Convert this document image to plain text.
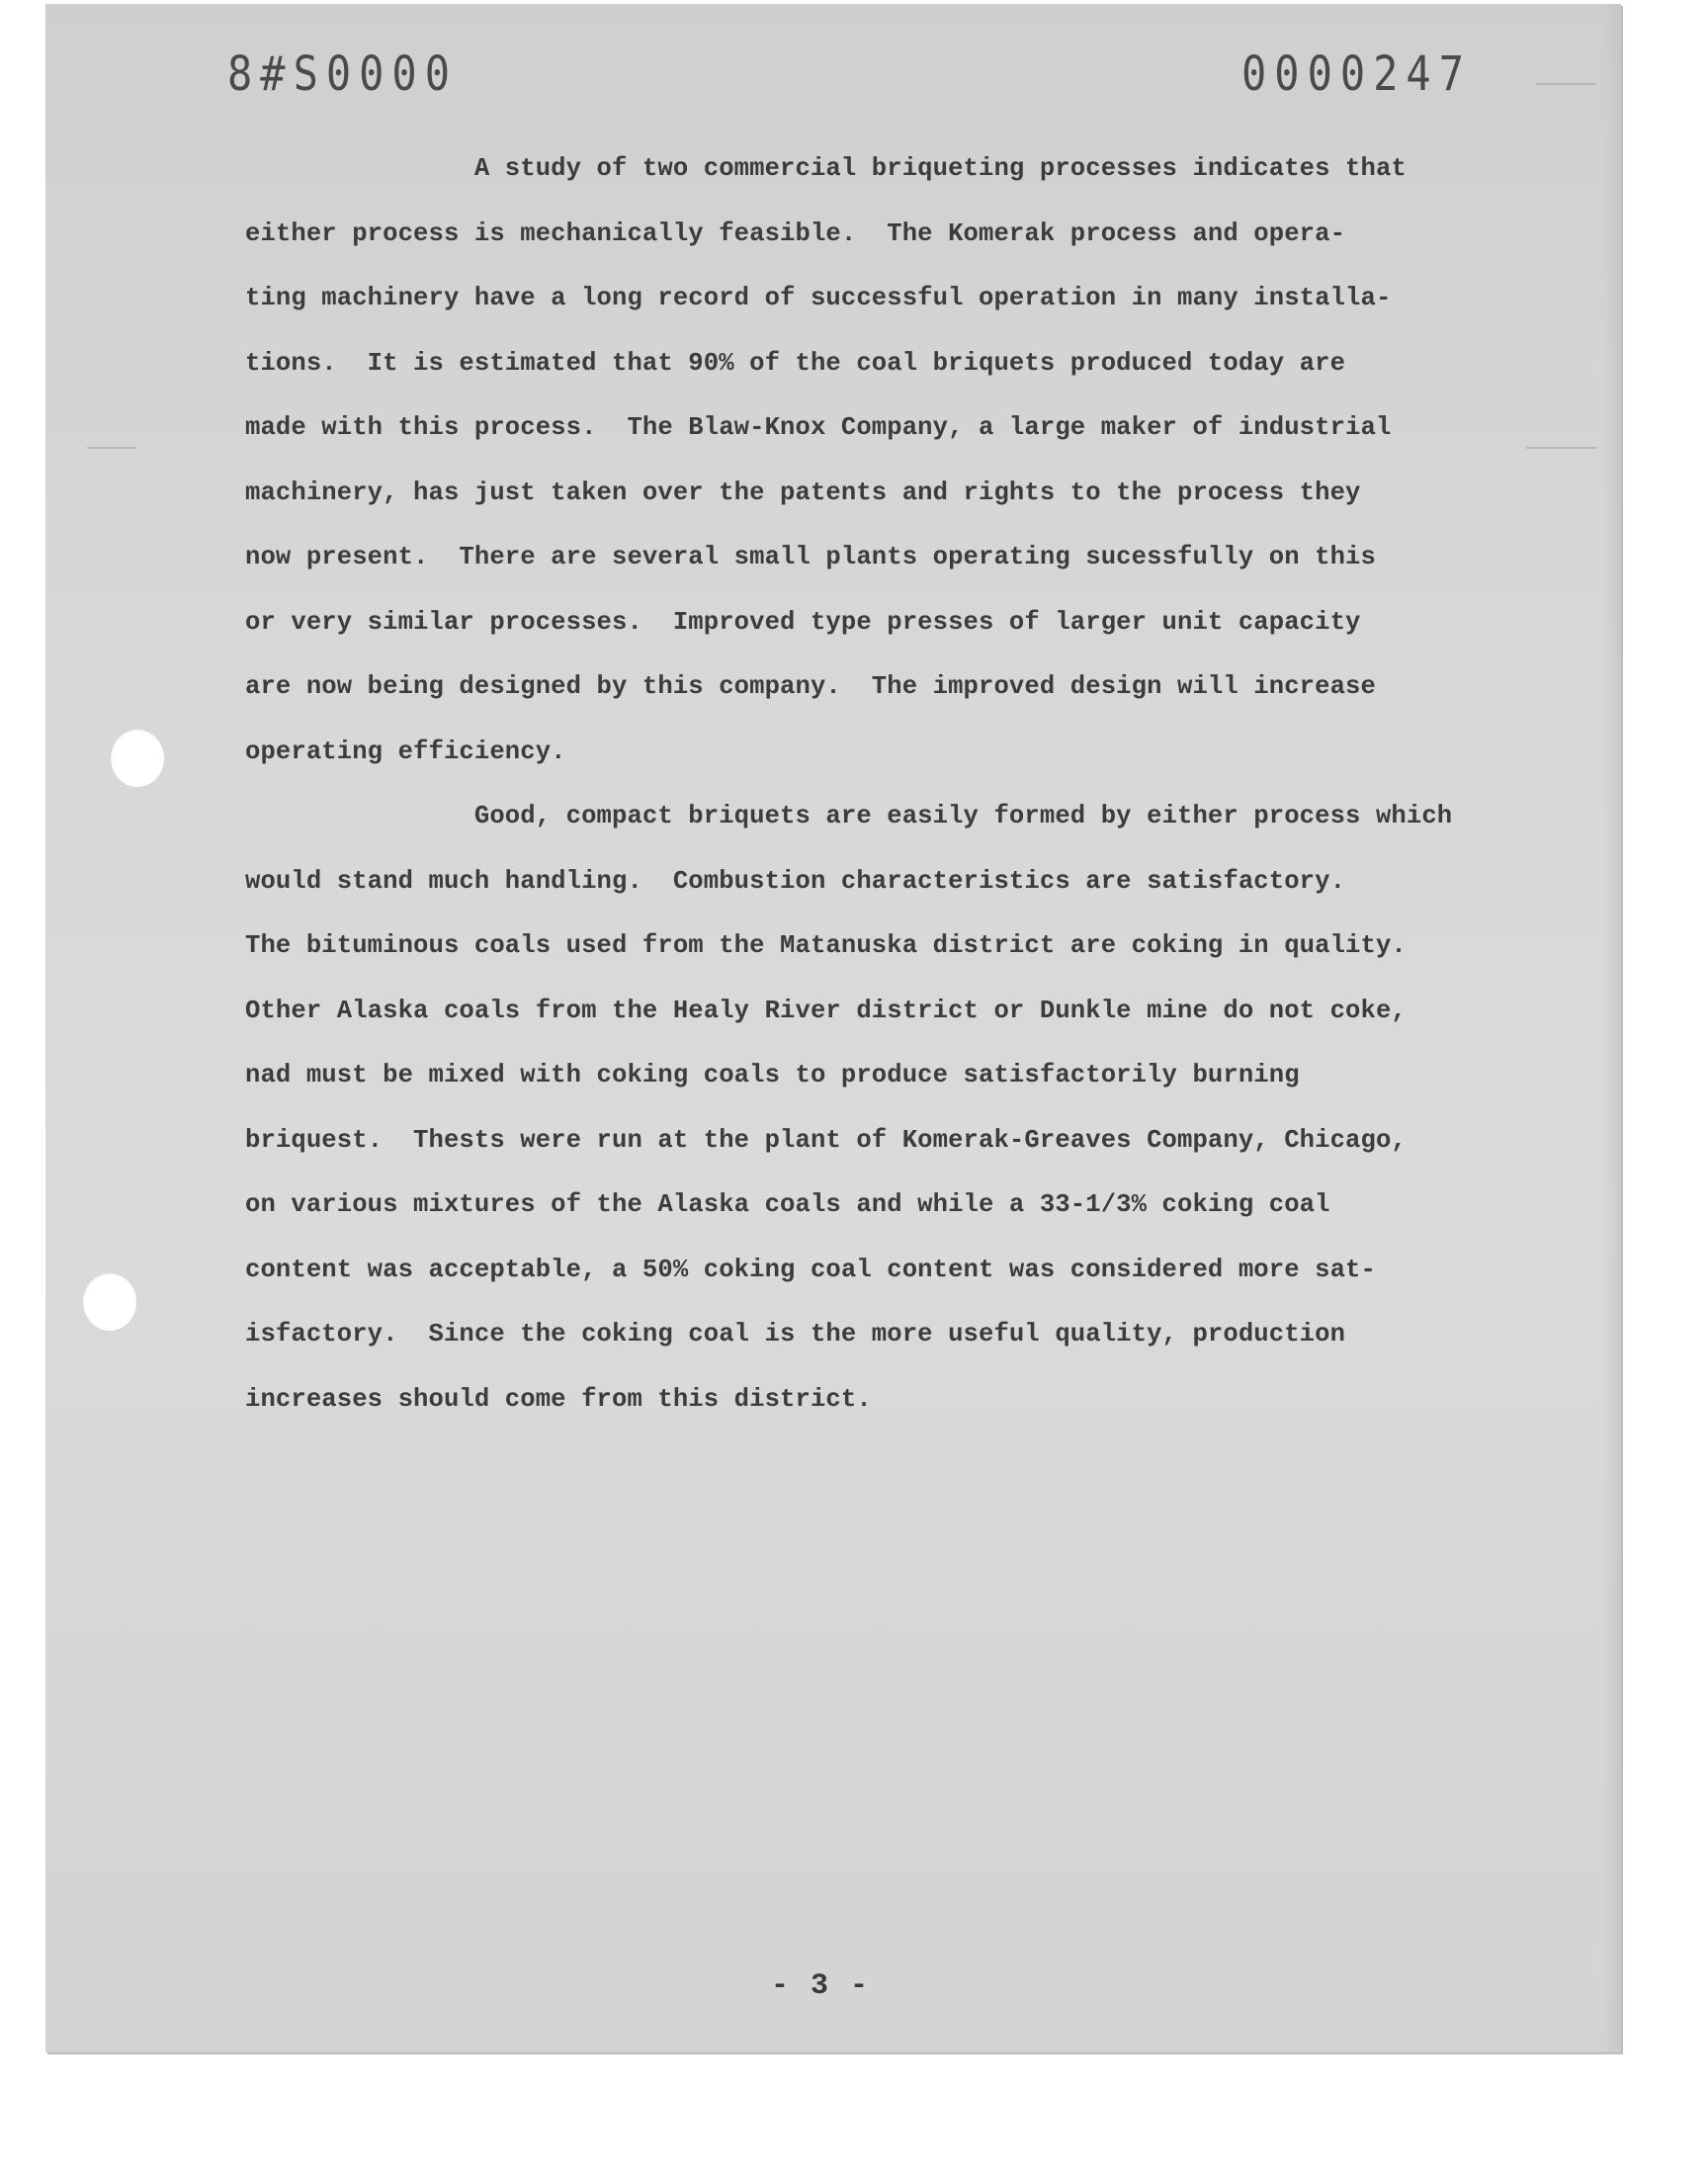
8#S0000	0000247
A study of two commercial briqueting processes indicates that
either process is mechanically feasible.  The Komerak process and opera-
ting machinery have a long record of successful operation in many installa-
tions.  It is estimated that 90% of the coal briquets produced today are
made with this process.  The Blaw-Knox Company, a large maker of industrial
machinery, has just taken over the patents and rights to the process they
now present.  There are several small plants operating sucessfully on this
or very similar processes.  Improved type presses of larger unit capacity
are now being designed by this company.  The improved design will increase
operating efficiency.
Good, compact briquets are easily formed by either process which
would stand much handling.  Combustion characteristics are satisfactory.
The bituminous coals used from the Matanuska district are coking in quality.
Other Alaska coals from the Healy River district or Dunkle mine do not coke,
nad must be mixed with coking coals to produce satisfactorily burning
briquest.  Thests were run at the plant of Komerak-Greaves Company, Chicago,
on various mixtures of the Alaska coals and while a 33-1/3% coking coal
content was acceptable, a 50% coking coal content was considered more sat-
isfactory.  Since the coking coal is the more useful quality, production
increases should come from this district.
- 3 -
